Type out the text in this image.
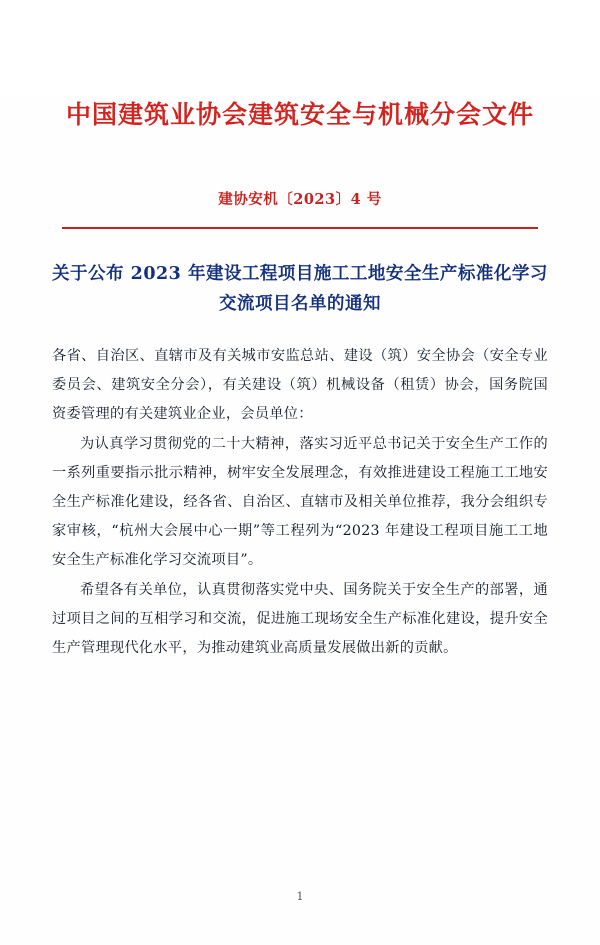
中国建筑业协会建筑安全与机械分会文件
建协安机〔2023〕4 号
关于公布 2023 年建设工程项目施工工地安全生产标准化学习交流项目名单的通知

各省、自治区、直辖市及有关城市安监总站、建设（筑）安全协会（安全专业委员会、建筑安全分会），有关建设（筑）机械设备（租赁）协会，国务院国资委管理的有关建筑业企业，会员单位：

为认真学习贯彻党的二十大精神，落实习近平总书记关于安全生产工作的一系列重要指示批示精神，树牢安全发展理念，有效推进建设工程施工工地安全生产标准化建设，经各省、自治区、直辖市及相关单位推荐，我分会组织专家审核，“杭州大会展中心一期”等工程列为“2023 年建设工程项目施工工地安全生产标准化学习交流项目”。

希望各有关单位，认真贯彻落实党中央、国务院关于安全生产的部署，通过项目之间的互相学习和交流，促进施工现场安全生产标准化建设，提升安全生产管理现代化水平，为推动建筑业高质量发展做出新的贡献。

1
